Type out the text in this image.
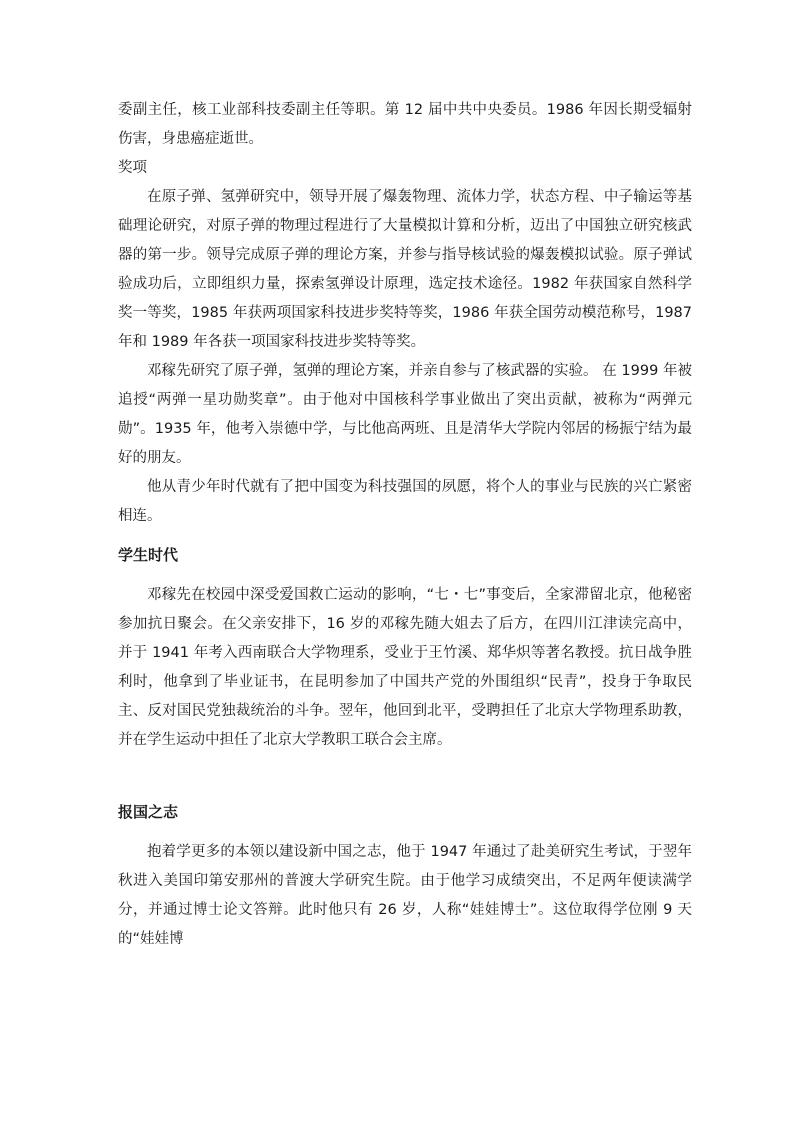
委副主任，核工业部科技委副主任等职。第 12 届中共中央委员。1986 年因长期受辐射伤害，身患癌症逝世。

奖项

在原子弹、氢弹研究中，领导开展了爆轰物理、流体力学，状态方程、中子输运等基础理论研究，对原子弹的物理过程进行了大量模拟计算和分析，迈出了中国独立研究核武器的第一步。领导完成原子弹的理论方案，并参与指导核试验的爆轰模拟试验。原子弹试验成功后，立即组织力量，探索氢弹设计原理，选定技术途径。1982 年获国家自然科学奖一等奖，1985 年获两项国家科技进步奖特等奖，1986 年获全国劳动模范称号，1987 年和 1989 年各获一项国家科技进步奖特等奖。

邓稼先研究了原子弹，氢弹的理论方案，并亲自参与了核武器的实验。 在 1999 年被追授“两弹一星功勋奖章”。由于他对中国核科学事业做出了突出贡献，被称为“两弹元勋”。1935 年，他考入崇德中学，与比他高两班、且是清华大学院内邻居的杨振宁结为最好的朋友。

他从青少年时代就有了把中国变为科技强国的夙愿，将个人的事业与民族的兴亡紧密相连。

学生时代

邓稼先在校园中深受爱国救亡运动的影响，“七・七”事变后，全家滞留北京，他秘密参加抗日聚会。在父亲安排下，16 岁的邓稼先随大姐去了后方，在四川江津读完高中，并于 1941 年考入西南联合大学物理系，受业于王竹溪、郑华炽等著名教授。抗日战争胜利时，他拿到了毕业证书，在昆明参加了中国共产党的外围组织“民青”，投身于争取民主、反对国民党独裁统治的斗争。翌年，他回到北平，受聘担任了北京大学物理系助教，并在学生运动中担任了北京大学教职工联合会主席。

报国之志

抱着学更多的本领以建设新中国之志，他于 1947 年通过了赴美研究生考试，于翌年秋进入美国印第安那州的普渡大学研究生院。由于他学习成绩突出，不足两年便读满学分，并通过博士论文答辩。此时他只有 26 岁，人称“娃娃博士”。这位取得学位刚 9 天的“娃娃博
